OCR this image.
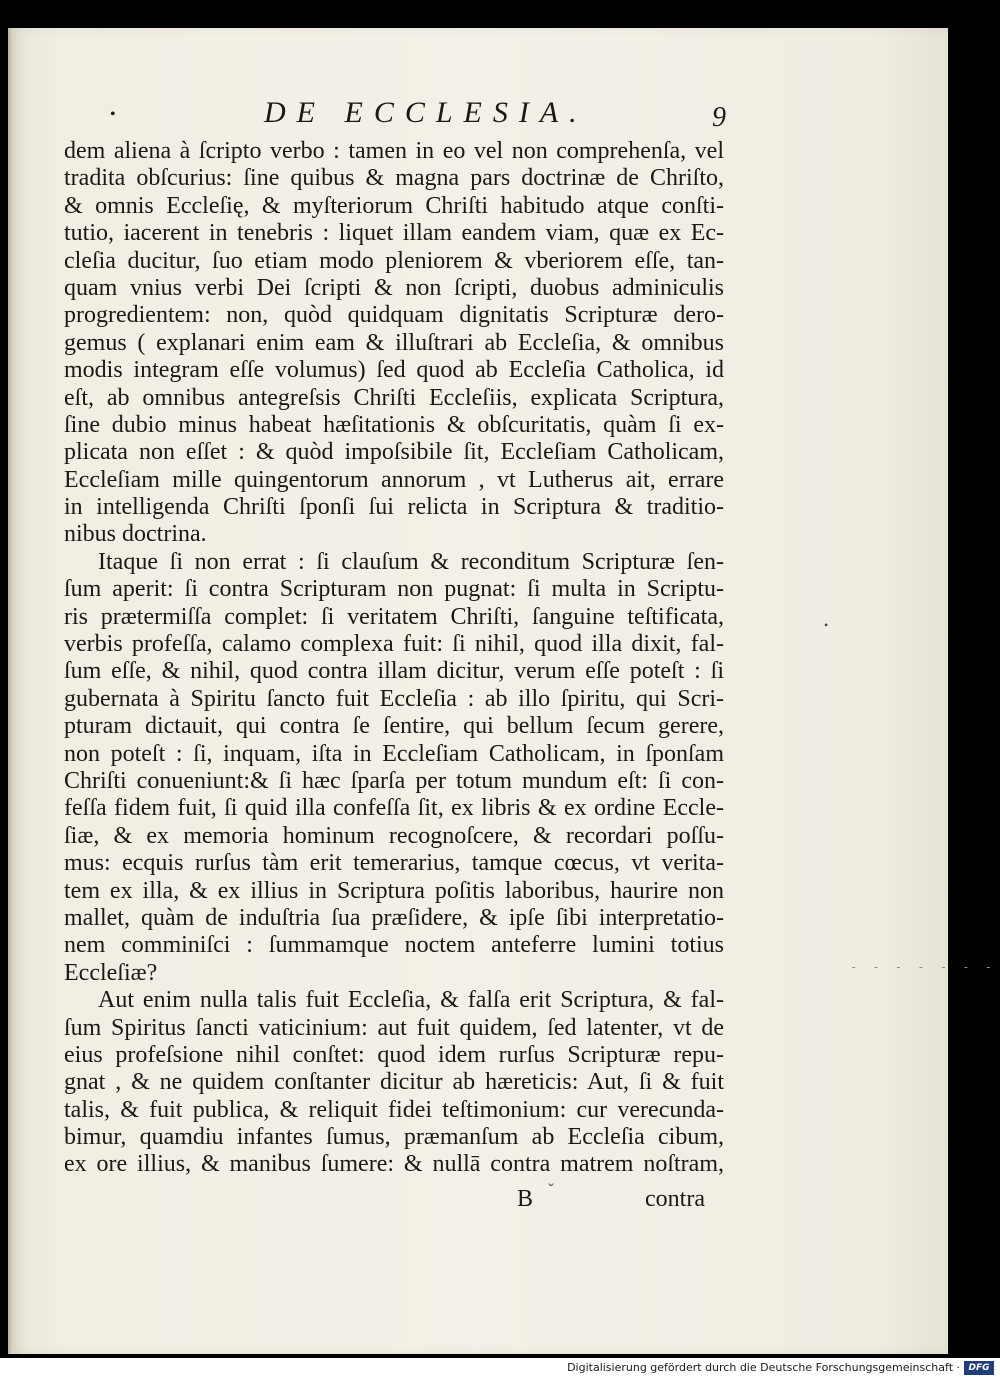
•	DE ECCLESIA.	9
dem aliena à ſcripto verbo : tamen in eo vel non comprehenſa, vel
tradita obſcurius: ſine quibus & magna pars doctrinæ de Chriſto,
& omnis Eccleſię, & myſteriorum Chriſti habitudo atque conſti-
tutio, iacerent in tenebris : liquet illam eandem viam, quæ ex Ec-
cleſia ducitur, ſuo etiam modo pleniorem & vberiorem eſſe, tan-
quam vnius verbi Dei ſcripti & non ſcripti, duobus adminiculis
progredientem: non, quòd quidquam dignitatis Scripturæ dero-
gemus ( explanari enim eam & illuſtrari ab Eccleſia, & omnibus
modis integram eſſe volumus) ſed quod ab Eccleſia Catholica, id
eſt, ab omnibus antegreſsis Chriſti Eccleſiis, explicata Scriptura,
ſine dubio minus habeat hæſitationis & obſcuritatis, quàm ſi ex-
plicata non eſſet : & quòd impoſsibile ſit, Eccleſiam Catholicam,
Eccleſiam mille quingentorum annorum , vt Lutherus ait, errare
in intelligenda Chriſti ſponſi ſui relicta in Scriptura & traditio-
nibus doctrina.
Itaque ſi non errat : ſi clauſum & reconditum Scripturæ ſen-
ſum aperit: ſi contra Scripturam non pugnat: ſi multa in Scriptu-
ris prætermiſſa complet: ſi veritatem Chriſti, ſanguine teſtificata,
verbis profeſſa, calamo complexa fuit: ſi nihil, quod illa dixit, fal-
ſum eſſe, & nihil, quod contra illam dicitur, verum eſſe poteſt : ſi
gubernata à Spiritu ſancto fuit Eccleſia : ab illo ſpiritu, qui Scri-
pturam dictauit, qui contra ſe ſentire, qui bellum ſecum gerere,
non poteſt : ſi, inquam, iſta in Eccleſiam Catholicam, in ſponſam
Chriſti conueniunt:& ſi hæc ſparſa per totum mundum eſt: ſi con-
feſſa fidem fuit, ſi quid illa confeſſa ſit, ex libris & ex ordine Eccle-
ſiæ, & ex memoria hominum recognoſcere, & recordari poſſu-
mus: ecquis rurſus tàm erit temerarius, tamque cœcus, vt verita-
tem ex illa, & ex illius in Scriptura poſitis laboribus, haurire non
mallet, quàm de induſtria ſua præſidere, & ipſe ſibi interpretatio-
nem comminiſci : ſummamque noctem anteferre lumini totius
Eccleſiæ?
Aut enim nulla talis fuit Eccleſia, & falſa erit Scriptura, & fal-
ſum Spiritus ſancti vaticinium: aut fuit quidem, ſed latenter, vt de
eius profeſsione nihil conſtet: quod idem rurſus Scripturæ repu-
gnat , & ne quidem conſtanter dicitur ab hæreticis: Aut, ſi & fuit
talis, & fuit publica, & reliquit fidei teſtimonium: cur verecunda-
bimur, quamdiu infantes ſumus, præmanſum ab Eccleſia cibum,
ex ore illius, & manibus ſumere: & nullā contra matrem noſtram,
B ˇ	contra
•
- - - - - - -
Digitalisierung gefördert durch die Deutsche Forschungsgemeinschaft · DFG
